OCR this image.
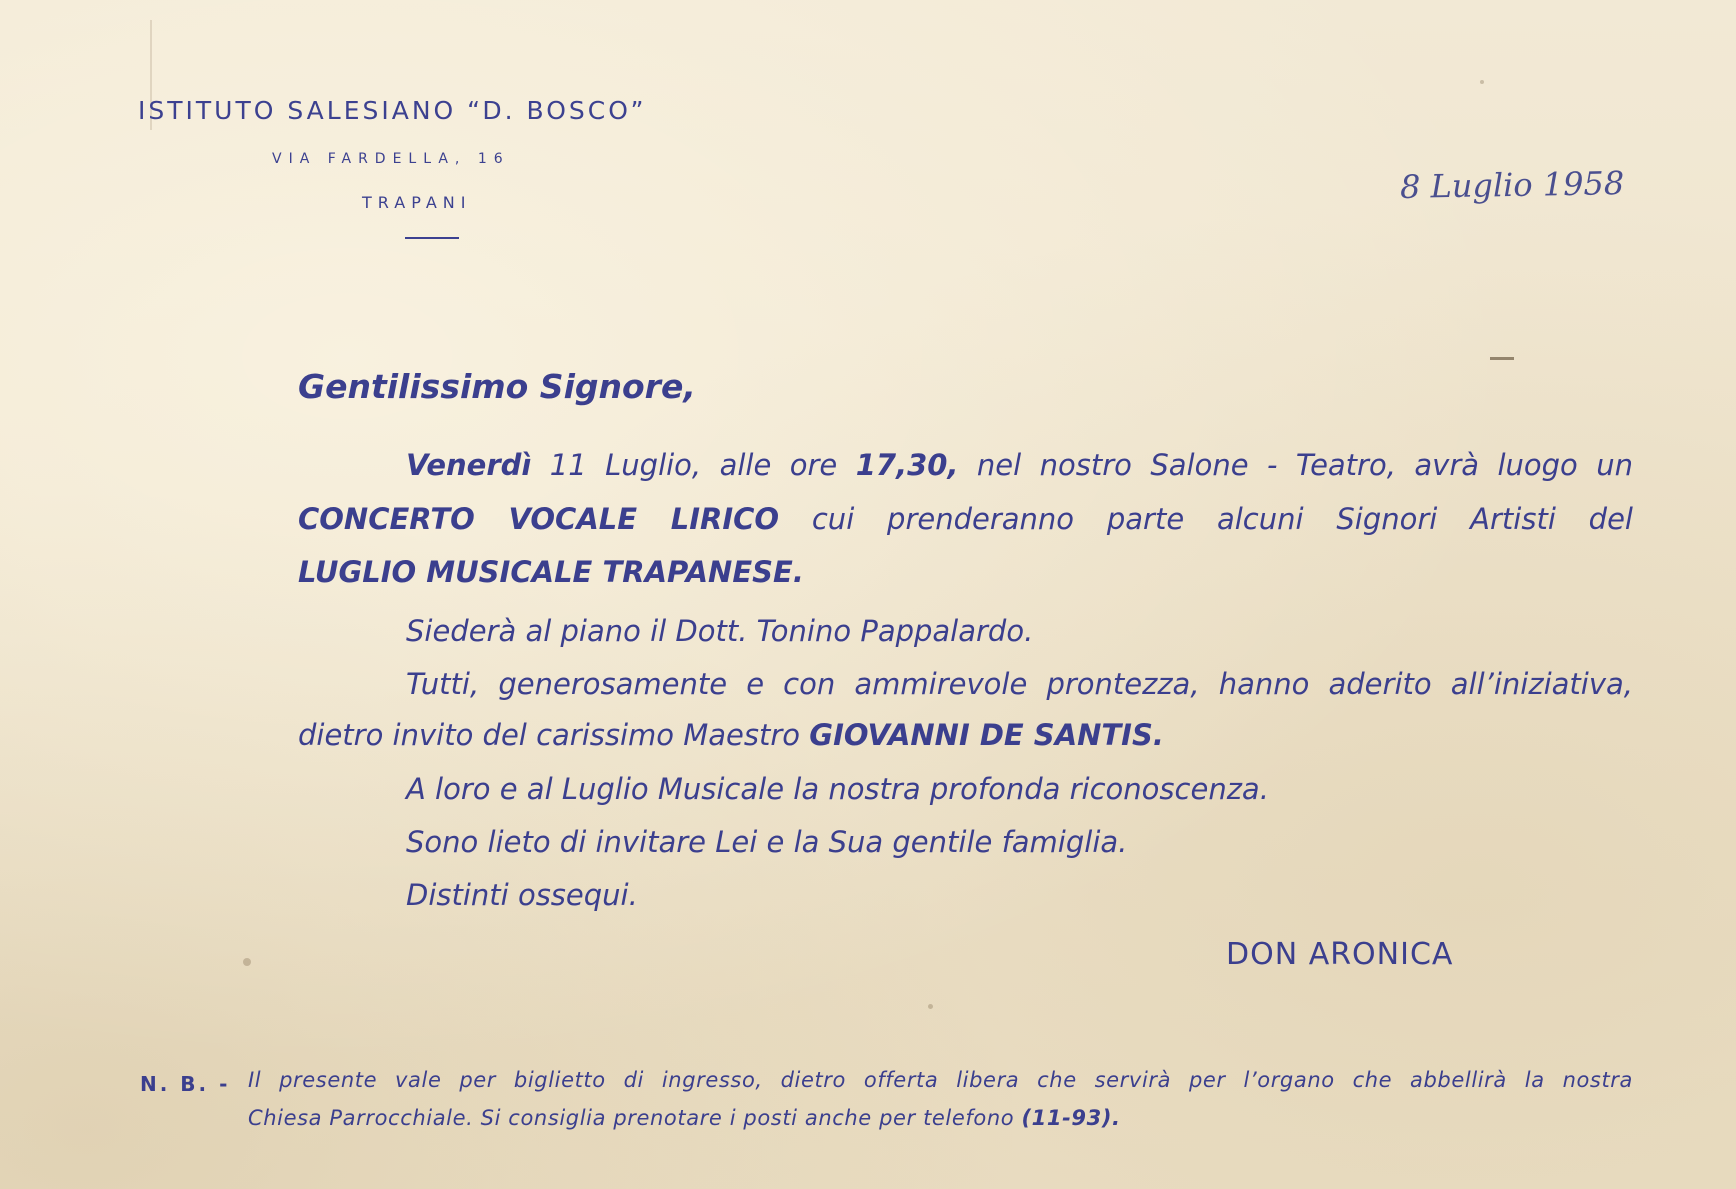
ISTITUTO SALESIANO “D. BOSCO”
VIA FARDELLA, 16
TRAPANI	8 Luglio 1958
Gentilissimo Signore,
Venerdì 11 Luglio, alle ore 17,30, nel nostro Salone - Teatro, avrà luogo un
CONCERTO VOCALE LIRICO cui prenderanno parte alcuni Signori Artisti del
LUGLIO MUSICALE TRAPANESE.
Siederà al piano il Dott. Tonino Pappalardo.
Tutti, generosamente e con ammirevole prontezza, hanno aderito all’iniziativa,
dietro invito del carissimo Maestro GIOVANNI DE SANTIS.
A loro e al Luglio Musicale la nostra profonda riconoscenza.
Sono lieto di invitare Lei e la Sua gentile famiglia.
Distinti ossequi.
DON ARONICA
N. B. - Il presente vale per biglietto di ingresso, dietro offerta libera che servirà per l’organo che abbellirà la nostra
Chiesa Parrocchiale. Si consiglia prenotare i posti anche per telefono (11-93).
